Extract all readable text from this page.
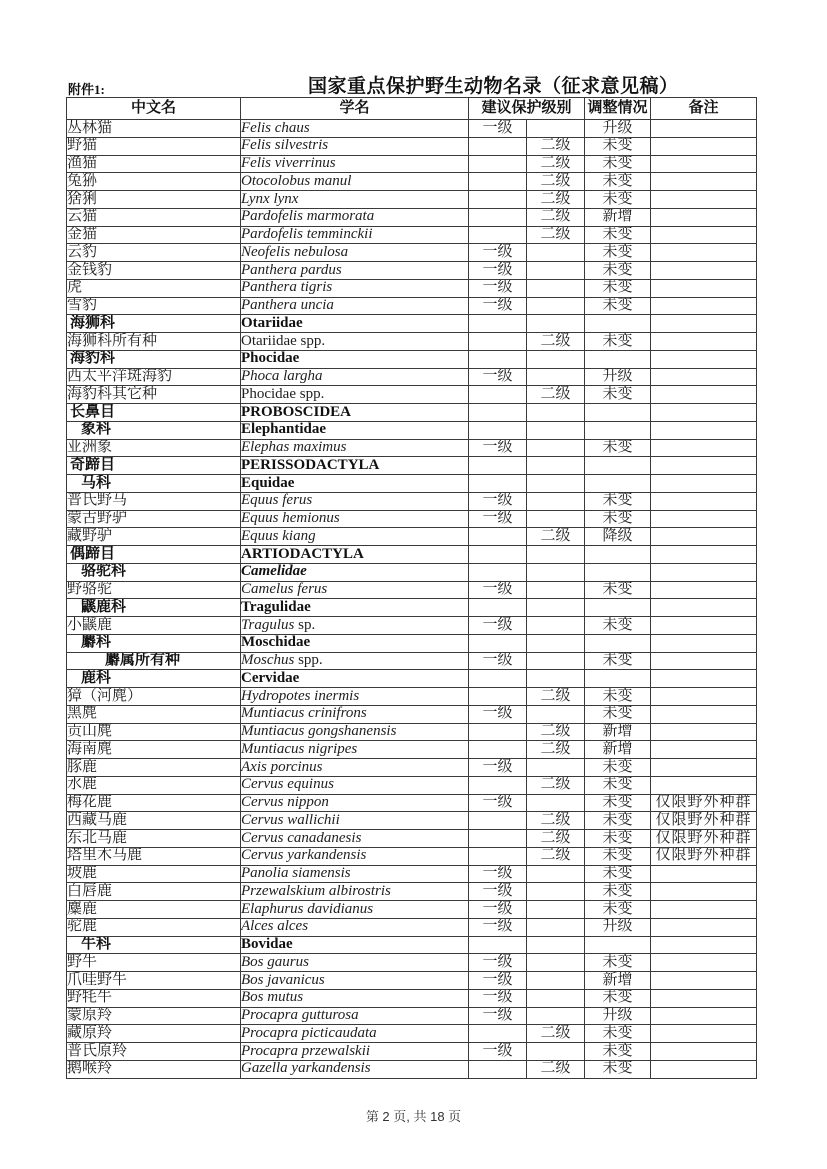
附件1:	国家重点保护野生动物名录（征求意见稿）
中文名	学名	建议保护级别		调整情况	备注
丛林猫	Felis chaus	一级		升级	
野猫	Felis silvestris		二级	未变	
渔猫	Felis viverrinus		二级	未变	
兔狲	Otocolobus manul		二级	未变	
猞猁	Lynx lynx		二级	未变	
云猫	Pardofelis marmorata		二级	新增	
金猫	Pardofelis temminckii		二级	未变	
云豹	Neofelis nebulosa	一级		未变	
金钱豹	Panthera pardus	一级		未变	
虎	Panthera tigris	一级		未变	
雪豹	Panthera uncia	一级		未变	
海狮科	Otariidae				
海狮科所有种	Otariidae spp.		二级	未变	
海豹科	Phocidae				
西太平洋斑海豹	Phoca largha	一级		升级	
海豹科其它种	Phocidae spp.		二级	未变	
长鼻目	PROBOSCIDEA				
象科	Elephantidae				
亚洲象	Elephas maximus	一级		未变	
奇蹄目	PERISSODACTYLA				
马科	Equidae				
普氏野马	Equus ferus	一级		未变	
蒙古野驴	Equus hemionus	一级		未变	
藏野驴	Equus kiang		二级	降级	
偶蹄目	ARTIODACTYLA				
骆驼科	Camelidae				
野骆驼	Camelus ferus	一级		未变	
鼷鹿科	Tragulidae				
小鼷鹿	Tragulus sp.	一级		未变	
麝科	Moschidae				
麝属所有种	Moschus spp.	一级		未变	
鹿科	Cervidae				
獐（河麂）	Hydropotes inermis		二级	未变	
黑麂	Muntiacus crinifrons	一级		未变	
贡山麂	Muntiacus gongshanensis		二级	新增	
海南麂	Muntiacus nigripes		二级	新增	
豚鹿	Axis porcinus	一级		未变	
水鹿	Cervus equinus		二级	未变	
梅花鹿	Cervus nippon	一级		未变	仅限野外种群
西藏马鹿	Cervus wallichii		二级	未变	仅限野外种群
东北马鹿	Cervus canadanesis		二级	未变	仅限野外种群
塔里木马鹿	Cervus yarkandensis		二级	未变	仅限野外种群
坡鹿	Panolia siamensis	一级		未变	
白唇鹿	Przewalskium albirostris	一级		未变	
麋鹿	Elaphurus davidianus	一级		未变	
驼鹿	Alces alces	一级		升级	
牛科	Bovidae				
野牛	Bos gaurus	一级		未变	
爪哇野牛	Bos javanicus	一级		新增	
野牦牛	Bos mutus	一级		未变	
蒙原羚	Procapra gutturosa	一级		升级	
藏原羚	Procapra picticaudata		二级	未变	
普氏原羚	Procapra przewalskii	一级		未变	
鹅喉羚	Gazella yarkandensis		二级	未变	
第 2 页, 共 18 页
